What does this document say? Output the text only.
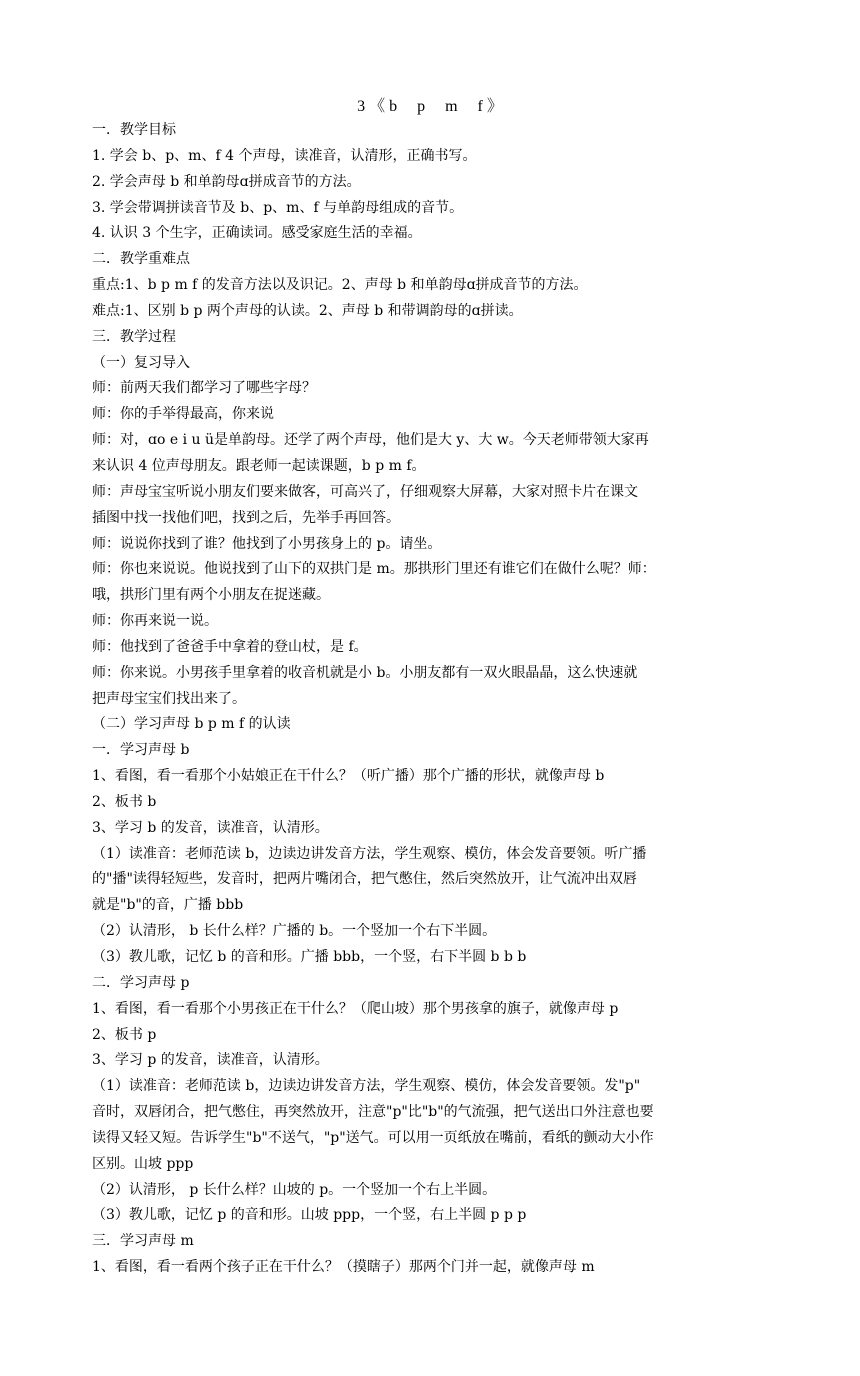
3 《 b     p     m     f 》
一．教学目标
1. 学会 b、p、m、f 4 个声母，读准音，认清形，正确书写。
2. 学会声母 b 和单韵母ɑ拼成音节的方法。
3. 学会带调拼读音节及 b、p、m、f 与单韵母组成的音节。
4. 认识 3 个生字，正确读词。感受家庭生活的幸福。
二．教学重难点
重点:1、b p m f 的发音方法以及识记。2、声母 b 和单韵母ɑ拼成音节的方法。
难点:1、区别 b p 两个声母的认读。2、声母 b 和带调韵母的ɑ拼读。
三．教学过程
（一）复习导入
师：前两天我们都学习了哪些字母？
师：你的手举得最高，你来说
师：对，ɑo e i u ü是单韵母。还学了两个声母，他们是大 y、大 w。今天老师带领大家再
来认识 4 位声母朋友。跟老师一起读课题，b p m f。
师：声母宝宝听说小朋友们要来做客，可高兴了，仔细观察大屏幕，大家对照卡片在课文
插图中找一找他们吧，找到之后，先举手再回答。
师：说说你找到了谁？他找到了小男孩身上的 p。请坐。
师：你也来说说。他说找到了山下的双拱门是 m。那拱形门里还有谁它们在做什么呢？师：
哦，拱形门里有两个小朋友在捉迷藏。
师：你再来说一说。
师：他找到了爸爸手中拿着的登山杖，是 f。
师：你来说。小男孩手里拿着的收音机就是小 b。小朋友都有一双火眼晶晶，这么快速就
把声母宝宝们找出来了。
（二）学习声母 b p m f 的认读
一．学习声母 b
1、看图，看一看那个小姑娘正在干什么？（听广播）那个广播的形状，就像声母 b
2、板书 b
3、学习 b 的发音，读准音，认清形。
（1）读准音：老师范读 b，边读边讲发音方法，学生观察、模仿，体会发音要领。听广播
的"播"读得轻短些，发音时，把两片嘴闭合，把气憋住，然后突然放开，让气流冲出双唇
就是"b"的音，广播 bbb
（2）认清形， b 长什么样？广播的 b。一个竖加一个右下半圆。
（3）教儿歌，记忆 b 的音和形。广播 bbb，一个竖，右下半圆 b b b
二．学习声母 p
1、看图，看一看那个小男孩正在干什么？（爬山坡）那个男孩拿的旗子，就像声母 p
2、板书 p
3、学习 p 的发音，读准音，认清形。
（1）读准音：老师范读 b，边读边讲发音方法，学生观察、模仿，体会发音要领。发"p"
音时，双唇闭合，把气憋住，再突然放开，注意"p"比"b"的气流强，把气送出口外注意也要
读得又轻又短。告诉学生"b"不送气，"p"送气。可以用一页纸放在嘴前，看纸的颤动大小作
区别。山坡 ppp
（2）认清形， p 长什么样？山坡的 p。一个竖加一个右上半圆。
（3）教儿歌，记忆 p 的音和形。山坡 ppp，一个竖，右上半圆 p p p
三．学习声母 m
1、看图，看一看两个孩子正在干什么？（摸瞎子）那两个门并一起，就像声母 m
